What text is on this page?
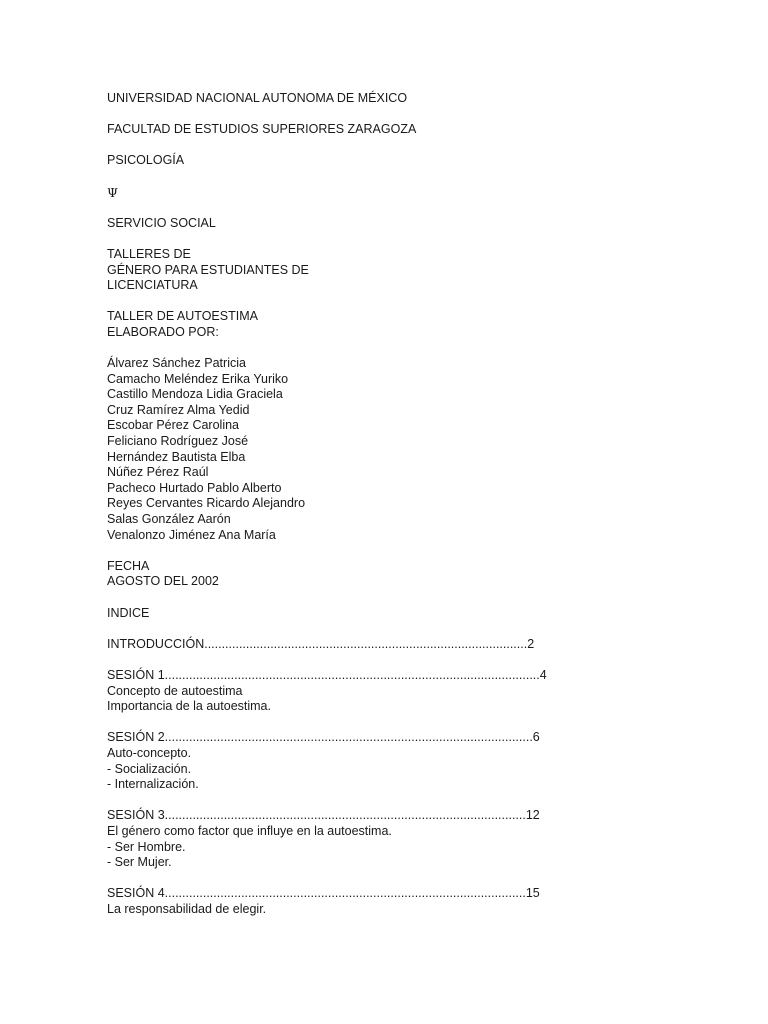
UNIVERSIDAD NACIONAL AUTONOMA DE MÉXICO
FACULTAD DE ESTUDIOS SUPERIORES ZARAGOZA
PSICOLOGÍA
Ψ
SERVICIO SOCIAL
TALLERES DE
GÉNERO PARA ESTUDIANTES DE
LICENCIATURA
TALLER DE AUTOESTIMA
ELABORADO POR:
Álvarez Sánchez Patricia
Camacho Meléndez Erika Yuriko
Castillo Mendoza Lidia Graciela
Cruz Ramírez Alma Yedid
Escobar Pérez Carolina
Feliciano Rodríguez José
Hernández Bautista Elba
Núñez Pérez Raúl
Pacheco Hurtado Pablo Alberto
Reyes Cervantes Ricardo Alejandro
Salas González Aarón
Venalonzo Jiménez Ana María
FECHA
AGOSTO DEL 2002
INDICE
INTRODUCCIÓN.............................................................................................2
SESIÓN 1............................................................................................................4
Concepto de autoestima
Importancia de la autoestima.
SESIÓN 2..........................................................................................................6
Auto-concepto.
- Socialización.
- Internalización.
SESIÓN 3........................................................................................................12
El género como factor que influye en la autoestima.
- Ser Hombre.
- Ser Mujer.
SESIÓN 4........................................................................................................15
La responsabilidad de elegir.
